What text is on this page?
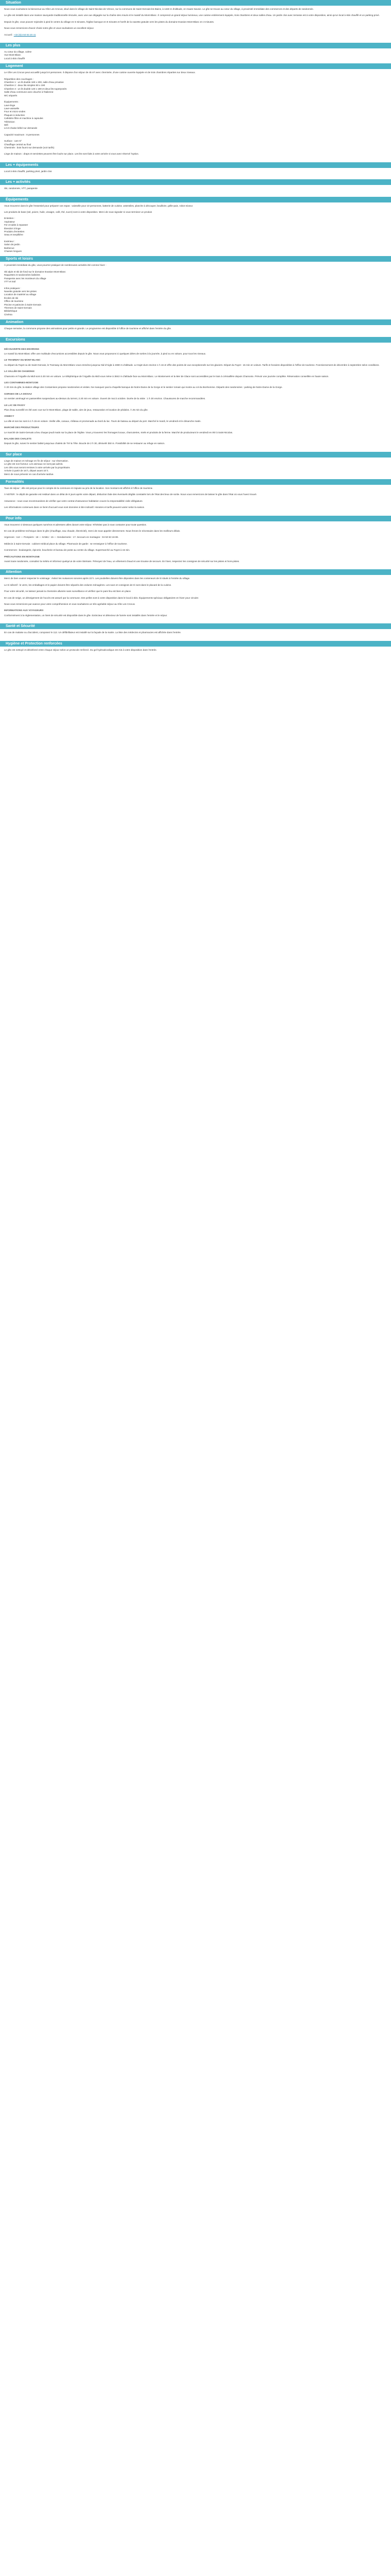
Situation

Nous vous souhaitons la bienvenue au Gîte Les Crocus, situé dans le village de Saint-Nicolas de Véroce, sur la commune de Saint-Gervais-les-Bains, à 1150 m d'altitude, en Haute-Savoie. Le gîte se trouve au cœur du village, à proximité immédiate des commerces et des départs de randonnée.

Le gîte est installé dans une maison savoyarde traditionnelle rénovée, avec une vue dégagée sur la chaîne des Aravis et le massif du Mont-Blanc. Il comprend un grand séjour lumineux, une cuisine entièrement équipée, trois chambres et deux salles d'eau. Un jardin clos avec terrasse est à votre disposition, ainsi qu'un local à skis chauffé et un parking privé.

Depuis le gîte, vous pouvez rejoindre à pied le centre du village en 5 minutes, l'église baroque en 8 minutes et l'arrêt de la navette gratuite vers les pistes du domaine Evasion Mont-Blanc en 3 minutes.

Nous vous remercions d'avoir choisi notre gîte et vous souhaitons un excellent séjour.

Accueil : +33 (0)4 50 93 20 41

Les plus

Au cœur du village, calme

Vue Mont-Blanc

Local à skis chauffé

Logement

Le Gîte Les Crocus peut accueillir jusqu'à 8 personnes. Il dispose d'un séjour de 45 m² avec cheminée, d'une cuisine ouverte équipée et de trois chambres réparties sur deux niveaux.

Répartition des couchages :

Chambre 1 : un lit double 160 x 200, salle d'eau privative

Chambre 2 : deux lits simples 90 x 190

Chambre 3 : un lit double 140 x 190 et deux lits superposés

Salle d'eau commune avec douche à l'italienne

WC séparés

Équipements :

Lave-linge

Lave-vaisselle

Four et micro-ondes

Plaques à induction

Cafetière filtre et machine à capsules

Télévision

Wifi

Lit et chaise bébé sur demande

Capacité maximum : 8 personnes

Surface : 110 m²

Chauffage central au fioul

Cheminée : bois fourni sur demande (voir tarifs)

Linge de maison : draps et serviettes peuvent être loués sur place. Les lits sont faits à votre arrivée si vous avez réservé l'option.

Les + équipements

Local à skis chauffé, parking privé, jardin clos

Les + activités

Ski, randonnée, VTT, parapente

Équipements

Vous trouverez dans le gîte l'essentiel pour préparer vos repas : vaisselle pour 10 personnes, batterie de cuisine, ustensiles, planche à découper, bouilloire, grille-pain, robot mixeur.

Les produits de base (sel, poivre, huile, vinaigre, café, thé, sucre) sont à votre disposition. Merci de nous signaler si vous terminez un produit.

Entretien :

Aspirateur

Fer et table à repasser

Étendoir à linge

Produits d'entretien

Seau et serpillière

Extérieur :

Salon de jardin

Barbecue

Chaises longues

Sports et loisirs

À proximité immédiate du gîte, vous pourrez pratiquer de nombreuses activités été comme hiver :

Ski alpin et ski de fond sur le domaine Evasion Mont-Blanc

Raquettes et randonnées balisées

Parapente avec les moniteurs du village

VTT et trail

Infos pratiques :

Navette gratuite vers les pistes

Location de matériel au village

Écoles de ski

Office de tourisme

Piscine et patinoire à Saint-Gervais

Thermes de Saint-Gervais

Bibliothèque

Cinéma

Animation

Chaque semaine, la commune propose des animations pour petits et grands. Le programme est disponible à l'office de tourisme et affiché dans l'entrée du gîte.

Excursions

DÉCOUVERTE DES ENVIRONS

Le massif du Mont-Blanc offre une multitude d'excursions accessibles depuis le gîte. Nous vous proposons ici quelques idées de sorties à la journée, à pied ou en voiture, pour tous les niveaux.

LE TRAMWAY DU MONT-BLANC

Au départ du Fayet ou de Saint-Gervais, le Tramway du Mont-Blanc vous emmène jusqu'au Nid d'Aigle à 2380 m d'altitude. Le trajet dure environ 1 h 15 et offre des points de vue exceptionnels sur les glaciers. Départ du Fayet : 15 min en voiture. Tarifs et horaires disponibles à l'office de tourisme. Fonctionnement de décembre à septembre selon conditions.

LA VALLÉE DE CHAMONIX

Chamonix et l'Aiguille du Midi sont à 30 min en voiture. Le téléphérique de l'Aiguille du Midi vous mène à 3842 m d'altitude face au Mont-Blanc. Le Montenvers et la Mer de Glace sont accessibles par le train à crémaillère depuis Chamonix. Prévoir une journée complète. Réservation conseillée en haute saison.

LES CONTAMINES-MONTJOIE

À 20 min du gîte, la station village des Contamines propose randonnées et visites. Ne manquez pas la chapelle baroque de Notre-Dame de la Gorge et le sentier romain qui monte au col du Bonhomme. Départs des randonnées : parking de Notre-Dame de la Gorge.

GORGES DE LA DIOSAZ

Un sentier aménagé en passerelles suspendues au-dessus du torrent, à 20 min en voiture. Ouvert de mai à octobre. Durée de la visite : 1 h 30 environ. Chaussures de marche recommandées.

LE LAC DE PASSY

Plan d'eau surveillé en été avec vue sur le Mont-Blanc, plage de sable, aire de jeux, restauration et location de pédalos. À 25 min du gîte.

ANNECY

La ville et son lac sont à 1 h 15 en voiture. Vieille ville, canaux, château et promenade au bord du lac. Tours de bateau au départ du port. Marché le mardi, le vendredi et le dimanche matin.

MARCHÉ DES PRODUCTEURS

Le marché de Saint-Gervais a lieu chaque jeudi matin sur la place de l'église. Vous y trouverez les fromages locaux, charcuteries, miels et produits de la ferme. Marché de producteurs le vendredi en été à Saint-Nicolas.

BALADE DES CHALETS

Depuis le gîte, suivez le sentier balisé jusqu'aux chalets de Tré la Tête. Boucle de 2 h 30, dénivelé 350 m. Possibilité de se restaurer au refuge en saison.

Sur place

Linge de maison et ménage en fin de séjour : sur réservation.

Le gîte est non-fumeur. Les animaux ne sont pas admis.

Les clés vous seront remises à votre arrivée par la propriétaire.

Arrivée à partir de 16 h, départ avant 10 h.

Merci de nous prévenir en cas d'arrivée tardive.

Formalités

Taxe de séjour : elle est perçue pour le compte de la commune et s'ajoute au prix de la location. Son montant est affiché à l'office de tourisme.

À NOTER : le dépôt de garantie est restitué dans un délai de 8 jours après votre départ, déduction faite des éventuels dégâts constatés lors de l'état des lieux de sortie. Nous vous remercions de laisser le gîte dans l'état où vous l'avez trouvé.

Assurance : nous vous recommandons de vérifier que votre contrat d'assurance habitation couvre la responsabilité civile villégiature.

Les informations contenues dans ce livret d'accueil vous sont données à titre indicatif. Horaires et tarifs peuvent varier selon la saison.

Pour info

Vous trouverez ci-dessous quelques numéros et adresses utiles durant votre séjour. N'hésitez pas à nous contacter pour toute question.

En cas de problème technique dans le gîte (chauffage, eau chaude, électricité), merci de nous appeler directement. Nous ferons le nécessaire dans les meilleurs délais.

Urgences : 112 — Pompiers : 18 — SAMU : 15 — Gendarmerie : 17. Secours en montagne : 04 50 53 16 89.

Médecin à Saint-Gervais : cabinet médical place du village. Pharmacie de garde : se renseigner à l'office de tourisme.

Commerces : boulangerie, épicerie, boucherie et bureau de poste au centre du village. Supermarché au Fayet à 15 min.

PRÉCAUTIONS EN MONTAGNE

Avant toute randonnée, consultez la météo et informez quelqu'un de votre itinéraire. Prévoyez de l'eau, un vêtement chaud et une trousse de secours. En hiver, respectez les consignes de sécurité sur les pistes et hors-pistes.

Attention

Merci de bien vouloir respecter le voisinage : évitez les nuisances sonores après 22 h. Les poubelles doivent être déposées dans les conteneurs de tri situés à l'entrée du village.

Le tri sélectif : le verre, les emballages et le papier doivent être séparés des ordures ménagères. Les sacs et consignes de tri sont dans le placard de la cuisine.

Pour votre sécurité, ne laissez jamais la cheminée allumée sans surveillance et vérifiez que le pare-feu est bien en place.

En cas de neige, un déneigement de l'accès est assuré par la commune. Des pelles sont à votre disposition dans le local à skis. Équipements spéciaux obligatoires en hiver pour circuler.

Nous vous remercions par avance pour votre compréhension et vous souhaitons un très agréable séjour au Gîte Les Crocus.

INFORMATIONS AUX VOYAGEURS

Conformément à la réglementation, un livret de sécurité est disponible dans le gîte. Extincteur et détecteur de fumée sont installés dans l'entrée et le séjour.

Santé et Sécurité

En cas de malaise ou d'accident, composez le 112. Un défibrillateur est installé sur la façade de la mairie. La liste des médecins et pharmacies est affichée dans l'entrée.

Hygiène et Protection renforcées

Le gîte est nettoyé et désinfecté entre chaque séjour selon un protocole renforcé. Du gel hydroalcoolique est mis à votre disposition dans l'entrée.
